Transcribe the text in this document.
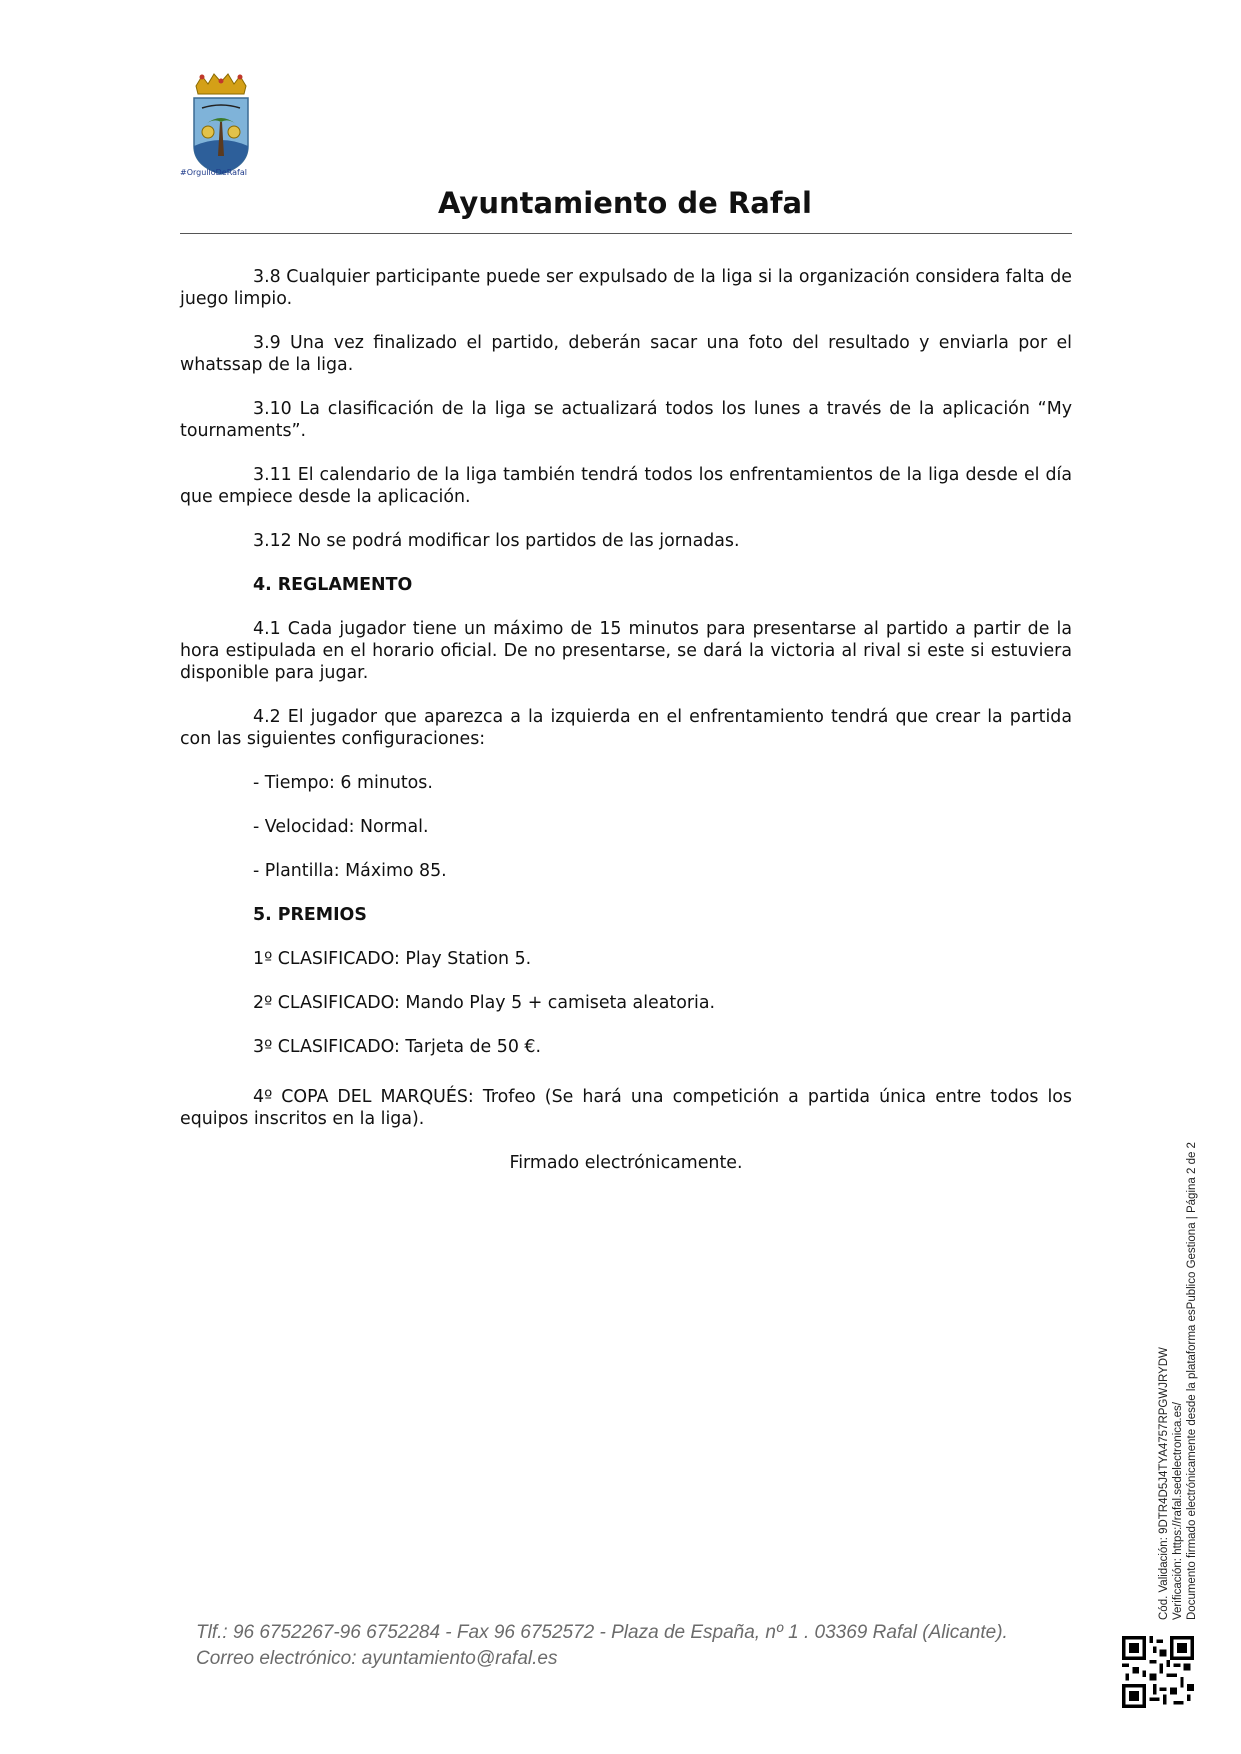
#OrgulloDeRafal
Ayuntamiento de Rafal

3.8 Cualquier participante puede ser expulsado de la liga si la organización considera falta de juego limpio.

3.9 Una vez finalizado el partido, deberán sacar una foto del resultado y enviarla por el whatssap de la liga.

3.10 La clasificación de la liga se actualizará todos los lunes a través de la aplicación “My tournaments”.

3.11 El calendario de la liga también tendrá todos los enfrentamientos de la liga desde el día que empiece desde la aplicación.

3.12 No se podrá modificar los partidos de las jornadas.

4. REGLAMENTO

4.1 Cada jugador tiene un máximo de 15 minutos para presentarse al partido a partir de la hora estipulada en el horario oficial. De no presentarse, se dará la victoria al rival si este si estuviera disponible para jugar.

4.2 El jugador que aparezca a la izquierda en el enfrentamiento tendrá que crear la partida con las siguientes configuraciones:

- Tiempo: 6 minutos.

- Velocidad: Normal.

- Plantilla: Máximo 85.

5. PREMIOS

1º CLASIFICADO: Play Station 5.

2º CLASIFICADO: Mando Play 5 + camiseta aleatoria.

3º CLASIFICADO: Tarjeta de 50 €.

4º COPA DEL MARQUÉS: Trofeo (Se hará una competición a partida única entre todos los equipos inscritos en la liga).

Firmado electrónicamente.

Tlf.: 96 6752267-96 6752284 - Fax 96 6752572 - Plaza de España, nº 1 . 03369 Rafal (Alicante).
Correo electrónico: ayuntamiento@rafal.es
Cód. Validación: 9DTR4D5J4TYA4757RPGWJRYDW Verificación: https://rafal.sedelectronica.es/ Documento firmado electrónicamente desde la plataforma esPublico Gestiona | Página 2 de 2
